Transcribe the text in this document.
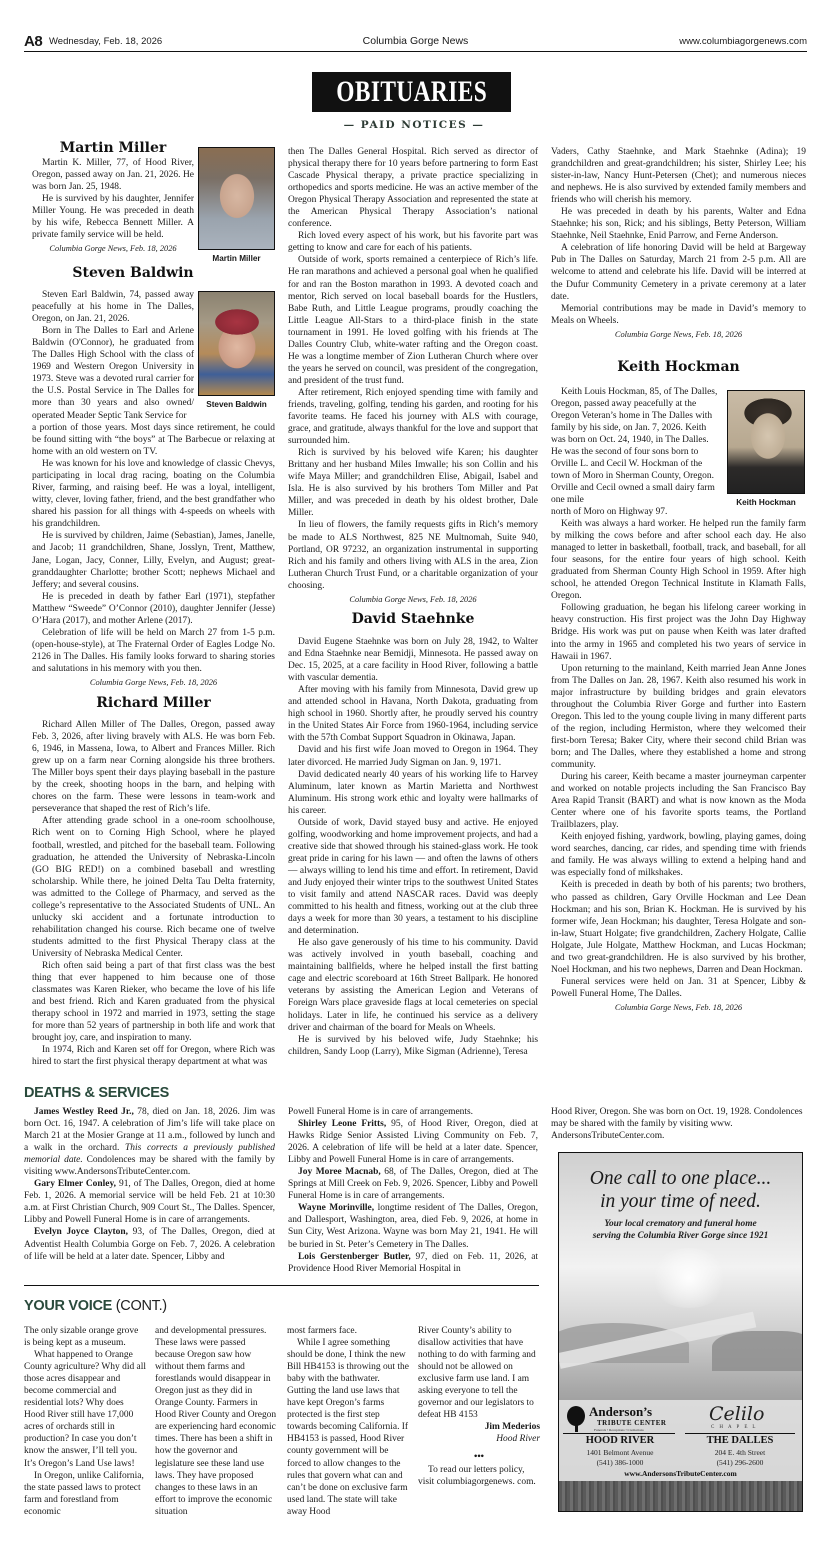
A8 Wednesday, Feb. 18, 2026	Columbia Gorge News	www.columbiagorgenews.com
OBITUARIES
— PAID NOTICES —
Martin Miller

Martin K. Miller, 77, of Hood River, Oregon, passed away on Jan. 21, 2026. He was born Jan. 25, 1948.

He is survived by his daughter, Jennifer Miller Young. He was preceded in death by his wife, Rebecca Bennett Miller. A private family service will be held.

Columbia Gorge News, Feb. 18, 2026

Martin Miller
Steven Baldwin

Steven Earl Baldwin, 74, passed away peacefully at his home in The Dalles, Oregon, on Jan. 21, 2026.

Born in The Dalles to Earl and Arlene Baldwin (O'Connor), he graduated from The Dalles High School with the class of 1969 and Western Oregon University in 1973. Steve was a devoted rural carrier for the U.S. Postal Service in The Dalles for more than 30 years and also owned/ operated Meader Septic Tank Service for

Steven Baldwin

a portion of those years. Most days since retirement, he could be found sitting with “the boys” at The Barbecue or relaxing at home with an old western on TV.

He was known for his love and knowledge of classic Chevys, participating in local drag racing, boating on the Columbia River, farming, and raising beef. He was a loyal, intelligent, witty, clever, loving father, friend, and the best grandfather who shared his passion for all things with 4-speeds on wheels with his grandchildren.

He is survived by children, Jaime (Sebastian), James, Janelle, and Jacob; 11 grandchildren, Shane, Josslyn, Trent, Matthew, Jane, Logan, Jacy, Conner, Lilly, Evelyn, and August; great-granddaughter Charlotte; brother Scott; nephews Michael and Jeffery; and several cousins.

He is preceded in death by father Earl (1971), stepfather Matthew “Sweede” O’Connor (2010), daughter Jennifer (Jesse) O’Hara (2017), and mother Arlene (2017).

Celebration of life will be held on March 27 from 1-5 p.m. (open-house-style), at The Fraternal Order of Eagles Lodge No. 2126 in The Dalles. His family looks forward to sharing stories and salutations in his memory with you then.

Columbia Gorge News, Feb. 18, 2026

Richard Miller

Richard Allen Miller of The Dalles, Oregon, passed away Feb. 3, 2026, after living bravely with ALS. He was born Feb. 6, 1946, in Massena, Iowa, to Albert and Frances Miller. Rich grew up on a farm near Corning alongside his three brothers. The Miller boys spent their days playing baseball in the pasture by the creek, shooting hoops in the barn, and helping with chores on the farm. These were lessons in team-work and perseverance that shaped the rest of Rich’s life.

After attending grade school in a one-room schoolhouse, Rich went on to Corning High School, where he played football, wrestled, and pitched for the baseball team. Following graduation, he attended the University of Nebraska-Lincoln (GO BIG RED!) on a combined baseball and wrestling scholarship. While there, he joined Delta Tau Delta fraternity, was admitted to the College of Pharmacy, and served as the college’s representative to the Associated Students of UNL. An unlucky ski accident and a fortunate introduction to rehabilitation changed his course. Rich became one of twelve students admitted to the first Physical Therapy class at the University of Nebraska Medical Center.

Rich often said being a part of that first class was the best thing that ever happened to him because one of those classmates was Karen Rieker, who became the love of his life and best friend. Rich and Karen graduated from the physical therapy school in 1972 and married in 1973, setting the stage for more than 52 years of partnership in both life and work that brought joy, care, and inspiration to many.

In 1974, Rich and Karen set off for Oregon, where Rich was hired to start the first physical therapy department at what was

then The Dalles General Hospital. Rich served as director of physical therapy there for 10 years before partnering to form East Cascade Physical therapy, a private practice specializing in orthopedics and sports medicine. He was an active member of the Oregon Physical Therapy Association and represented the state at the American Physical Therapy Association’s national conference.

Rich loved every aspect of his work, but his favorite part was getting to know and care for each of his patients.

Outside of work, sports remained a centerpiece of Rich’s life. He ran marathons and achieved a personal goal when he qualified for and ran the Boston marathon in 1993. A devoted coach and mentor, Rich served on local baseball boards for the Hustlers, Babe Ruth, and Little League programs, proudly coaching the Little League All-Stars to a third-place finish in the state tournament in 1991. He loved golfing with his friends at The Dalles Country Club, white-water rafting and the Oregon coast. He was a longtime member of Zion Lutheran Church where over the years he served on council, was president of the congregation, and president of the trust fund.

After retirement, Rich enjoyed spending time with family and friends, traveling, golfing, tending his garden, and rooting for his favorite teams. He faced his journey with ALS with courage, grace, and gratitude, always thankful for the love and support that surrounded him.

Rich is survived by his beloved wife Karen; his daughter Brittany and her husband Miles Imwalle; his son Collin and his wife Maya Miller; and grandchildren Elise, Abigail, Isabel and Isla. He is also survived by his brothers Tom Miller and Pat Miller, and was preceded in death by his oldest brother, Dale Miller.

In lieu of flowers, the family requests gifts in Rich’s memory be made to ALS Northwest, 825 NE Multnomah, Suite 940, Portland, OR 97232, an organization instrumental in supporting Rich and his family and others living with ALS in the area, Zion Lutheran Church Trust Fund, or a charitable organization of your choosing.

Columbia Gorge News, Feb. 18, 2026

David Staehnke

David Eugene Staehnke was born on July 28, 1942, to Walter and Edna Staehnke near Bemidji, Minnesota. He passed away on Dec. 15, 2025, at a care facility in Hood River, following a battle with vascular dementia.

After moving with his family from Minnesota, David grew up and attended school in Havana, North Dakota, graduating from high school in 1960. Shortly after, he proudly served his country in the United States Air Force from 1960-1964, including service with the 57th Combat Support Squadron in Okinawa, Japan.

David and his first wife Joan moved to Oregon in 1964. They later divorced. He married Judy Sigman on Jan. 9, 1971.

David dedicated nearly 40 years of his working life to Harvey Aluminum, later known as Martin Marietta and Northwest Aluminum. His strong work ethic and loyalty were hallmarks of his career.

Outside of work, David stayed busy and active. He enjoyed golfing, woodworking and home improvement projects, and had a creative side that showed through his stained-glass work. He took great pride in caring for his lawn — and often the lawns of others — always willing to lend his time and effort. In retirement, David and Judy enjoyed their winter trips to the southwest United States to visit family and attend NASCAR races. David was deeply committed to his health and fitness, working out at the club three days a week for more than 30 years, a testament to his discipline and determination.

He also gave generously of his time to his community. David was actively involved in youth baseball, coaching and maintaining ballfields, where he helped install the first batting cage and electric scoreboard at 16th Street Ballpark. He honored veterans by assisting the American Legion and Veterans of Foreign Wars place graveside flags at local cemeteries on special holidays. Later in life, he continued his service as a delivery driver and chairman of the board for Meals on Wheels.

He is survived by his beloved wife, Judy Staehnke; his children, Sandy Loop (Larry), Mike Sigman (Adrienne), Teresa

Vaders, Cathy Staehnke, and Mark Staehnke (Adina); 19 grandchildren and great-grandchildren; his sister, Shirley Lee; his sister-in-law, Nancy Hunt-Petersen (Chet); and numerous nieces and nephews. He is also survived by extended family members and friends who will cherish his memory.

He was preceded in death by his parents, Walter and Edna Staehnke; his son, Rick; and his siblings, Betty Peterson, William Staehnke, Neil Staehnke, Enid Parrow, and Ferne Anderson.

A celebration of life honoring David will be held at Bargeway Pub in The Dalles on Saturday, March 21 from 2-5 p.m. All are welcome to attend and celebrate his life. David will be interred at the Dufur Community Cemetery in a private ceremony at a later date.

Memorial contributions may be made in David’s memory to Meals on Wheels.

Columbia Gorge News, Feb. 18, 2026

Keith Hockman

Keith Louis Hockman, 85, of The Dalles, Oregon, passed away peacefully at the Oregon Veteran’s home in The Dalles with family by his side, on Jan. 7, 2026. Keith was born on Oct. 24, 1940, in The Dalles. He was the second of four sons born to Orville L. and Cecil W. Hockman of the town of Moro in Sherman County, Oregon. Orville and Cecil owned a small dairy farm one mile	Keith Hockman

north of Moro on Highway 97.

Keith was always a hard worker. He helped run the family farm by milking the cows before and after school each day. He also managed to letter in basketball, football, track, and baseball, for all four seasons, for the entire four years of high school. Keith graduated from Sherman County High School in 1959. After high school, he attended Oregon Technical Institute in Klamath Falls, Oregon.

Following graduation, he began his lifelong career working in heavy construction. His first project was the John Day Highway Bridge. His work was put on pause when Keith was later drafted into the army in 1965 and completed his two years of service in Hawaii in 1967.

Upon returning to the mainland, Keith married Jean Anne Jones from The Dalles on Jan. 28, 1967. Keith also resumed his work in major infrastructure by building bridges and grain elevators throughout the Columbia River Gorge and further into Eastern Oregon. This led to the young couple living in many different parts of the region, including Hermiston, where they welcomed their first-born Teresa; Baker City, where their second child Brian was born; and The Dalles, where they established a home and strong community.

During his career, Keith became a master journeyman carpenter and worked on notable projects including the San Francisco Bay Area Rapid Transit (BART) and what is now known as the Moda Center where one of his favorite sports teams, the Portland Trailblazers, play.

Keith enjoyed fishing, yardwork, bowling, playing games, doing word searches, dancing, car rides, and spending time with friends and family. He was always willing to extend a helping hand and was especially fond of milkshakes.

Keith is preceded in death by both of his parents; two brothers, who passed as children, Gary Orville Hockman and Lee Dean Hockman; and his son, Brian K. Hockman. He is survived by his former wife, Jean Hockman; his daughter, Teresa Holgate and son-in-law, Stuart Holgate; five grandchildren, Zachery Holgate, Callie Holgate, Jule Holgate, Matthew Hockman, and Lucas Hockman; and two great-grandchildren. He is also survived by his brother, Noel Hockman, and his two nephews, Darren and Dean Hockman.

Funeral services were held on Jan. 31 at Spencer, Libby & Powell Funeral Home, The Dalles.

Columbia Gorge News, Feb. 18, 2026

DEATHS & SERVICES

James Westley Reed Jr., 78, died on Jan. 18, 2026. Jim was born Oct. 16, 1947. A celebration of Jim’s life will take place on March 21 at the Mosier Grange at 11 a.m., followed by lunch and a walk in the orchard. This corrects a previously published memorial date. Condolences may be shared with the family by visiting www.AndersonsTributeCenter.com.

Gary Elmer Conley, 91, of The Dalles, Oregon, died at home Feb. 1, 2026. A memorial service will be held Feb. 21 at 10:30 a.m. at First Christian Church, 909 Court St., The Dalles. Spencer, Libby and Powell Funeral Home is in care of arrangements.

Evelyn Joyce Clayton, 93, of The Dalles, Oregon, died at Adventist Health Columbia Gorge on Feb. 7, 2026. A celebration of life will be held at a later date. Spencer, Libby and

Powell Funeral Home is in care of arrangements.

Shirley Leone Fritts, 95, of Hood River, Oregon, died at Hawks Ridge Senior Assisted Living Community on Feb. 7, 2026. A celebration of life will be held at a later date. Spencer, Libby and Powell Funeral Home is in care of arrangements.

Joy Moree Macnab, 68, of The Dalles, Oregon, died at The Springs at Mill Creek on Feb. 9, 2026. Spencer, Libby and Powell Funeral Home is in care of arrangements.

Wayne Morinville, longtime resident of The Dalles, Oregon, and Dallesport, Washington, area, died Feb. 9, 2026, at home in Sun City, West Arizona. Wayne was born May 21, 1941. He will be buried in St. Peter’s Cemetery in The Dalles.

Lois Gerstenberger Butler, 97, died on Feb. 11, 2026, at Providence Hood River Memorial Hospital in

Hood River, Oregon. She was born on Oct. 19, 1928. Condolences may be shared with the family by visiting www. AndersonsTributeCenter.com.

YOUR VOICE (CONT.)

The only sizable orange grove is being kept as a museum.

What happened to Orange County agriculture? Why did all those acres disappear and become commercial and residential lots? Why does Hood River still have 17,000 acres of orchards still in production? In case you don’t know the answer, I’ll tell you. It’s Oregon’s Land Use laws!

In Oregon, unlike California, the state passed laws to protect farm and forestland from economic

and developmental pressures. These laws were passed because Oregon saw how without them farms and forestlands would disappear in Oregon just as they did in Orange County. Farmers in Hood River County and Oregon are experiencing hard economic times. There has been a shift in how the governor and legislature see these land use laws. They have proposed changes to these laws in an effort to improve the economic situation

most farmers face.

While I agree something should be done, I think the new Bill HB4153 is throwing out the baby with the bathwater. Gutting the land use laws that have kept Oregon’s farms protected is the first step towards becoming California. If HB4153 is passed, Hood River county government will be forced to allow changes to the rules that govern what can and can’t be done on exclusive farm used land. The state will take away Hood

River County’s ability to disallow activities that have nothing to do with farming and should not be allowed on exclusive farm use land. I am asking everyone to tell the governor and our legislators to defeat HB 4153

Jim Mederios

Hood River

•••

To read our letters policy, visit columbiagorgenews. com.

One call to one place...
in your time of need.
Your local crematory and funeral home
serving the Columbia River Gorge since 1921
Anderson’s
TRIBUTE CENTER
Funerals • Receptions • Cremations
Celilo
CHAPEL
HOOD RIVER
1401 Belmont Avenue
(541) 386-1000
THE DALLES
204 E. 4th Street
(541) 296-2600
www.AndersonsTributeCenter.com
